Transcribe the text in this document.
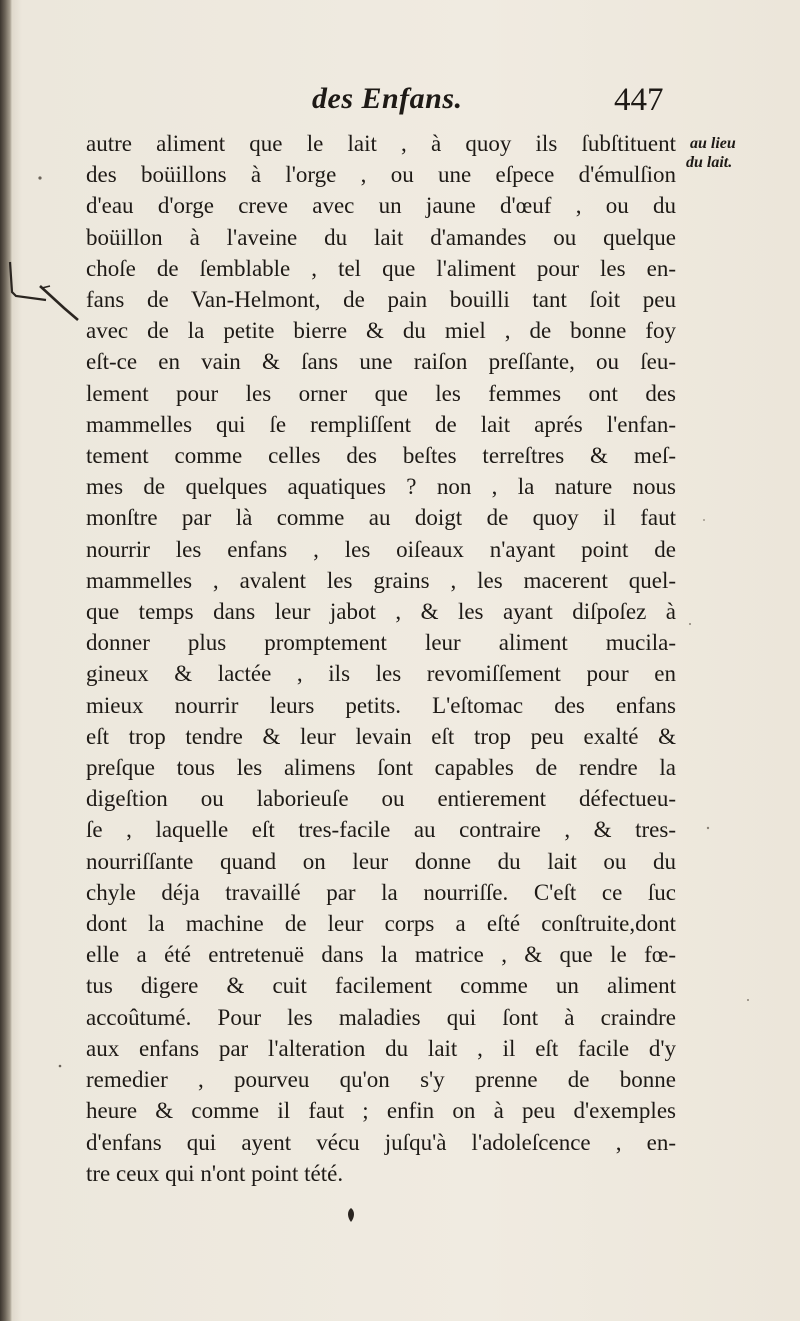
des Enfans.	447
au lieu
du lait.
autre aliment que le lait , à quoy ils ſubſtituent
des boüillons à l'orge , ou une eſpece d'émulſion
d'eau d'orge creve avec un jaune d'œuf , ou du
boüillon à l'aveine du lait d'amandes ou quelque
choſe de ſemblable , tel que l'aliment pour les en-
fans de Van-Helmont, de pain bouilli tant ſoit peu
avec de la petite bierre & du miel , de bonne foy
eſt-ce en vain & ſans une raiſon preſſante, ou ſeu-
lement pour les orner que les femmes ont des
mammelles qui ſe rempliſſent de lait aprés l'enfan-
tement comme celles des beſtes terreſtres & meſ-
mes de quelques aquatiques ? non , la nature nous
monſtre par là comme au doigt de quoy il faut
nourrir les enfans , les oiſeaux n'ayant point de
mammelles , avalent les grains , les macerent quel-
que temps dans leur jabot , & les ayant diſpoſez à
donner plus promptement leur aliment mucila-
gineux & lactée , ils les revomiſſement pour en
mieux nourrir leurs petits. L'eſtomac des enfans
eſt trop tendre & leur levain eſt trop peu exalté &
preſque tous les alimens ſont capables de rendre la
digeſtion ou laborieuſe ou entierement défectueu-
ſe , laquelle eſt tres-facile au contraire , & tres-
nourriſſante quand on leur donne du lait ou du
chyle déja travaillé par la nourriſſe. C'eſt ce ſuc
dont la machine de leur corps a eſté conſtruite,dont
elle a été entretenuë dans la matrice , & que le fœ-
tus digere & cuit facilement comme un aliment
accoûtumé. Pour les maladies qui ſont à craindre
aux enfans par l'alteration du lait , il eſt facile d'y
remedier , pourveu qu'on s'y prenne de bonne
heure & comme il faut ; enfin on à peu d'exemples
d'enfans qui ayent vécu juſqu'à l'adoleſcence , en-
tre ceux qui n'ont point tété.
